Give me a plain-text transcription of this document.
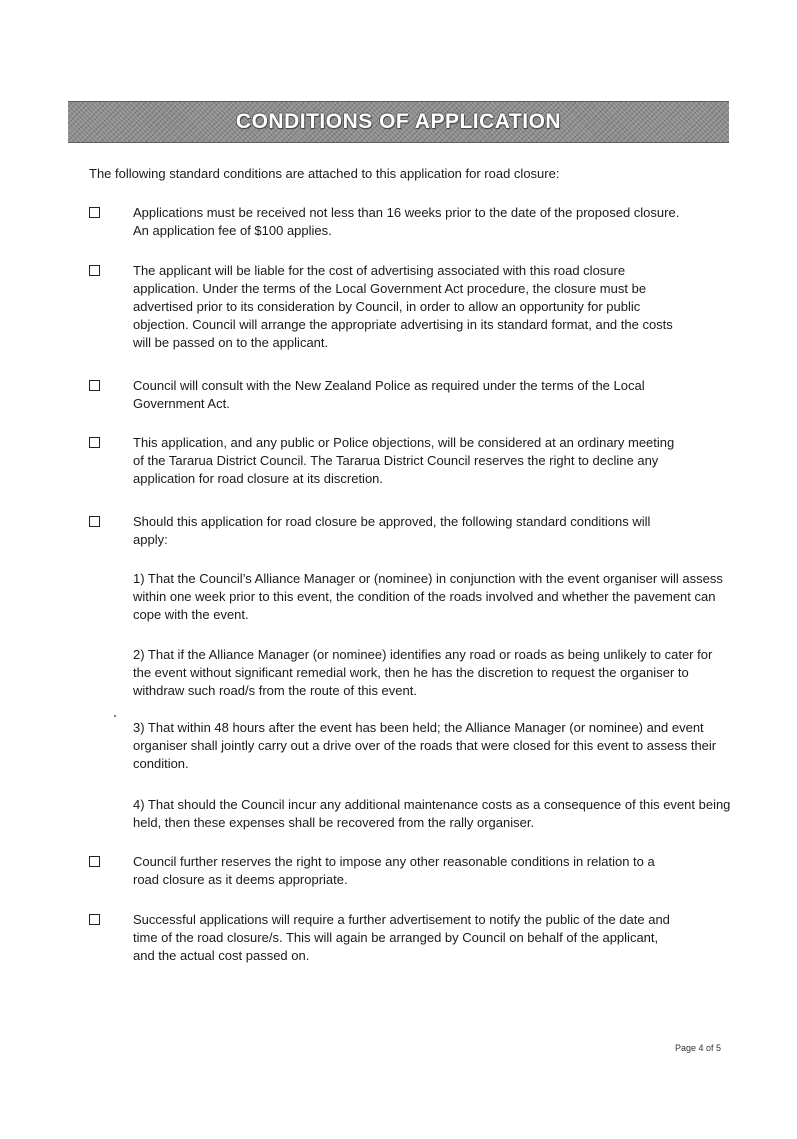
CONDITIONS OF APPLICATION
The following standard conditions are attached to this application for road closure:
Applications must be received not less than 16 weeks prior to the date of the proposed closure. An application fee of $100 applies.
The applicant will be liable for the cost of advertising associated with this road closure application. Under the terms of the Local Government Act procedure, the closure must be advertised prior to its consideration by Council, in order to allow an opportunity for public objection. Council will arrange the appropriate advertising in its standard format, and the costs will be passed on to the applicant.
Council will consult with the New Zealand Police as required under the terms of the Local Government Act.
This application, and any public or Police objections, will be considered at an ordinary meeting of the Tararua District Council. The Tararua District Council reserves the right to decline any application for road closure at its discretion.
Should this application for road closure be approved, the following standard conditions will apply:
1) That the Council’s Alliance Manager or (nominee) in conjunction with the event organiser will assess within one week prior to this event, the condition of the roads involved and whether the pavement can cope with the event.
2) That if the Alliance Manager (or nominee) identifies any road or roads as being unlikely to cater for the event without significant remedial work, then he has the discretion to request the organiser to withdraw such road/s from the route of this event.
3) That within 48 hours after the event has been held; the Alliance Manager (or nominee) and event organiser shall jointly carry out a drive over of the roads that were closed for this event to assess their condition.
4) That should the Council incur any additional maintenance costs as a consequence of this event being held, then these expenses shall be recovered from the rally organiser.
Council further reserves the right to impose any other reasonable conditions in relation to a road closure as it deems appropriate.
Successful applications will require a further advertisement to notify the public of the date and time of the road closure/s. This will again be arranged by Council on behalf of the applicant, and the actual cost passed on.
Page 4 of 5
